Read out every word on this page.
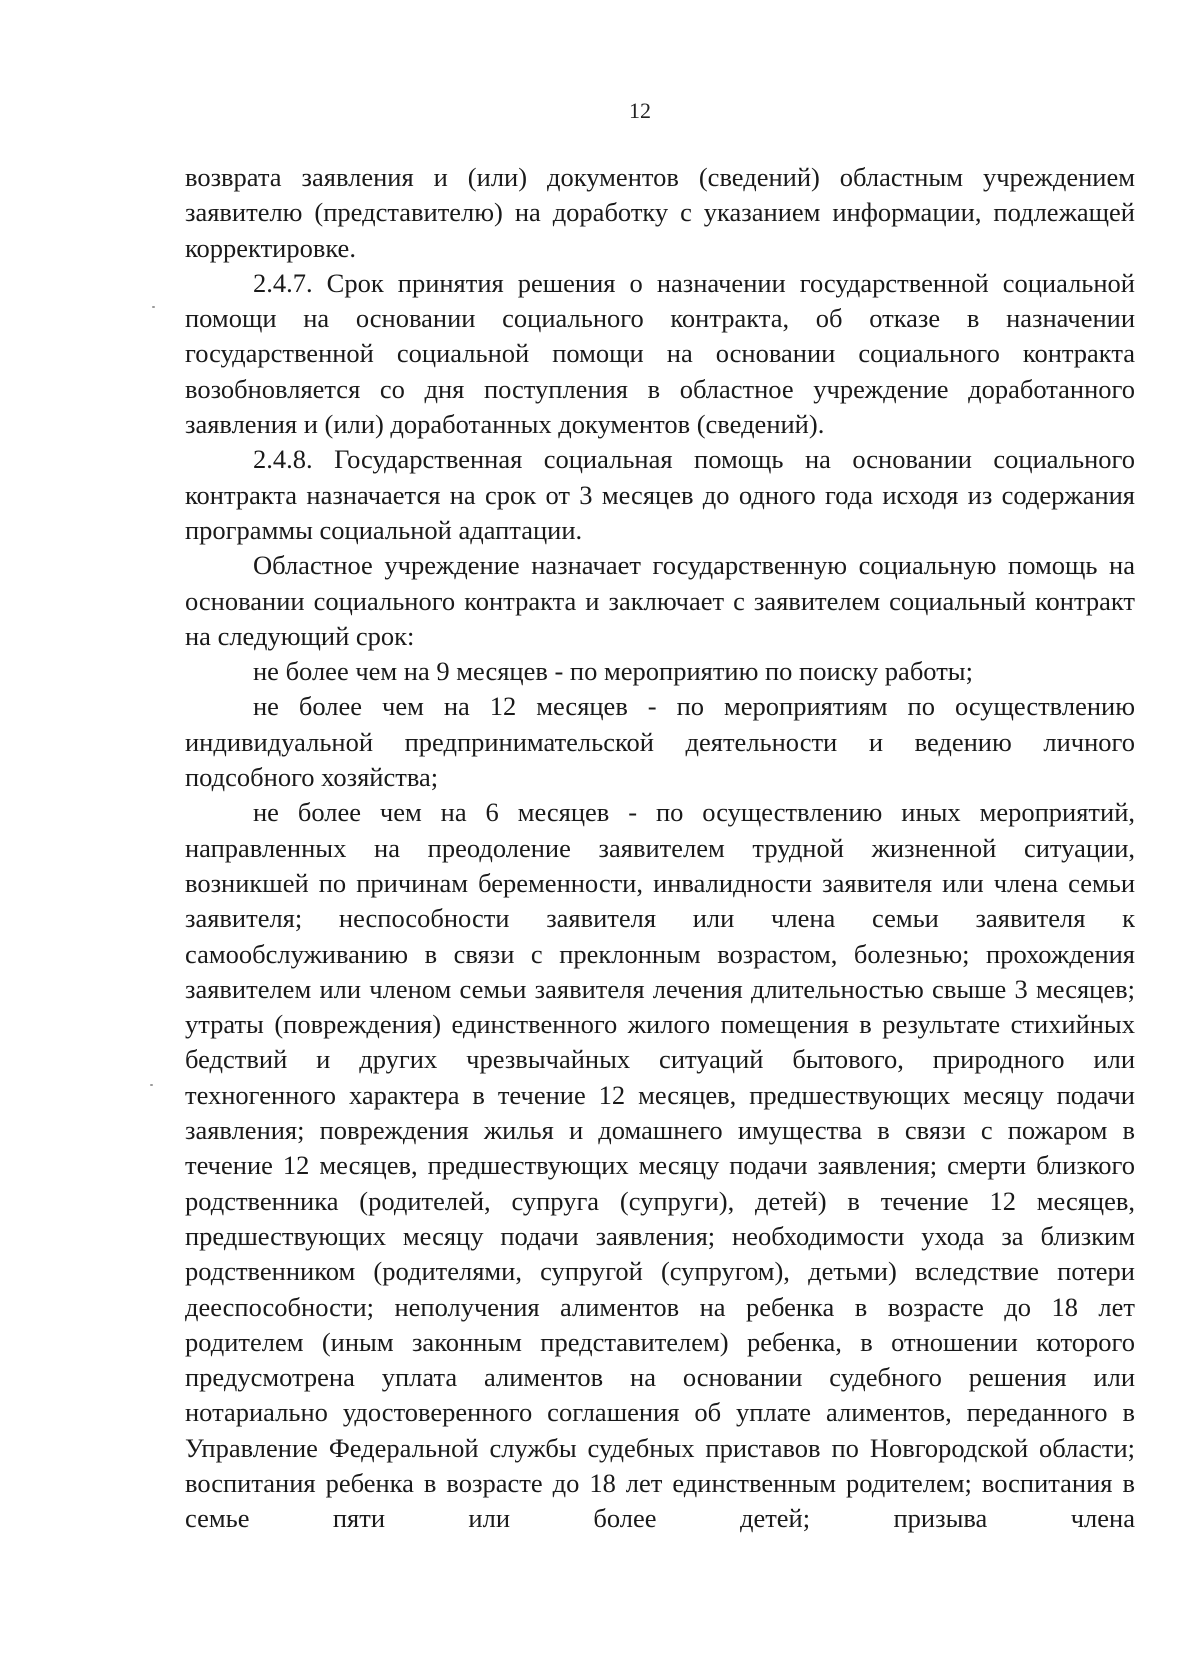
12

возврата заявления и (или) документов (сведений) областным учреждением заявителю (представителю) на доработку с указанием информации, подлежащей корректировке.

2.4.7. Срок принятия решения о назначении государственной социальной помощи на основании социального контракта, об отказе в назначении государственной социальной помощи на основании социального контракта возобновляется со дня поступления в областное учреждение доработанного заявления и (или) доработанных документов (сведений).

2.4.8. Государственная социальная помощь на основании социального контракта назначается на срок от 3 месяцев до одного года исходя из содержания программы социальной адаптации.

Областное учреждение назначает государственную социальную помощь на основании социального контракта и заключает с заявителем социальный контракт на следующий срок:

не более чем на 9 месяцев - по мероприятию по поиску работы;

не более чем на 12 месяцев - по мероприятиям по осуществлению индивидуальной предпринимательской деятельности и ведению личного подсобного хозяйства;

не более чем на 6 месяцев - по осуществлению иных мероприятий, направленных на преодоление заявителем трудной жизненной ситуации, возникшей по причинам беременности, инвалидности заявителя или члена семьи заявителя; неспособности заявителя или члена семьи заявителя к самообслуживанию в связи с преклонным возрастом, болезнью; прохождения заявителем или членом семьи заявителя лечения длительностью свыше 3 месяцев; утраты (повреждения) единственного жилого помещения в результате стихийных бедствий и других чрезвычайных ситуаций бытового, природного или техногенного характера в течение 12 месяцев, предшествующих месяцу подачи заявления; повреждения жилья и домашнего имущества в связи с пожаром в течение 12 месяцев, предшествующих месяцу подачи заявления; смерти близкого родственника (родителей, супруга (супруги), детей) в течение 12 месяцев, предшествующих месяцу подачи заявления; необходимости ухода за близким родственником (родителями, супругой (супругом), детьми) вследствие потери дееспособности; неполучения алиментов на ребенка в возрасте до 18 лет родителем (иным законным представителем) ребенка, в отношении которого предусмотрена уплата алиментов на основании судебного решения или нотариально удостоверенного соглашения об уплате алиментов, переданного в Управление Федеральной службы судебных приставов по Новгородской области; воспитания ребенка в возрасте до 18 лет единственным родителем; воспитания в семье пяти или более детей; призыва члена
